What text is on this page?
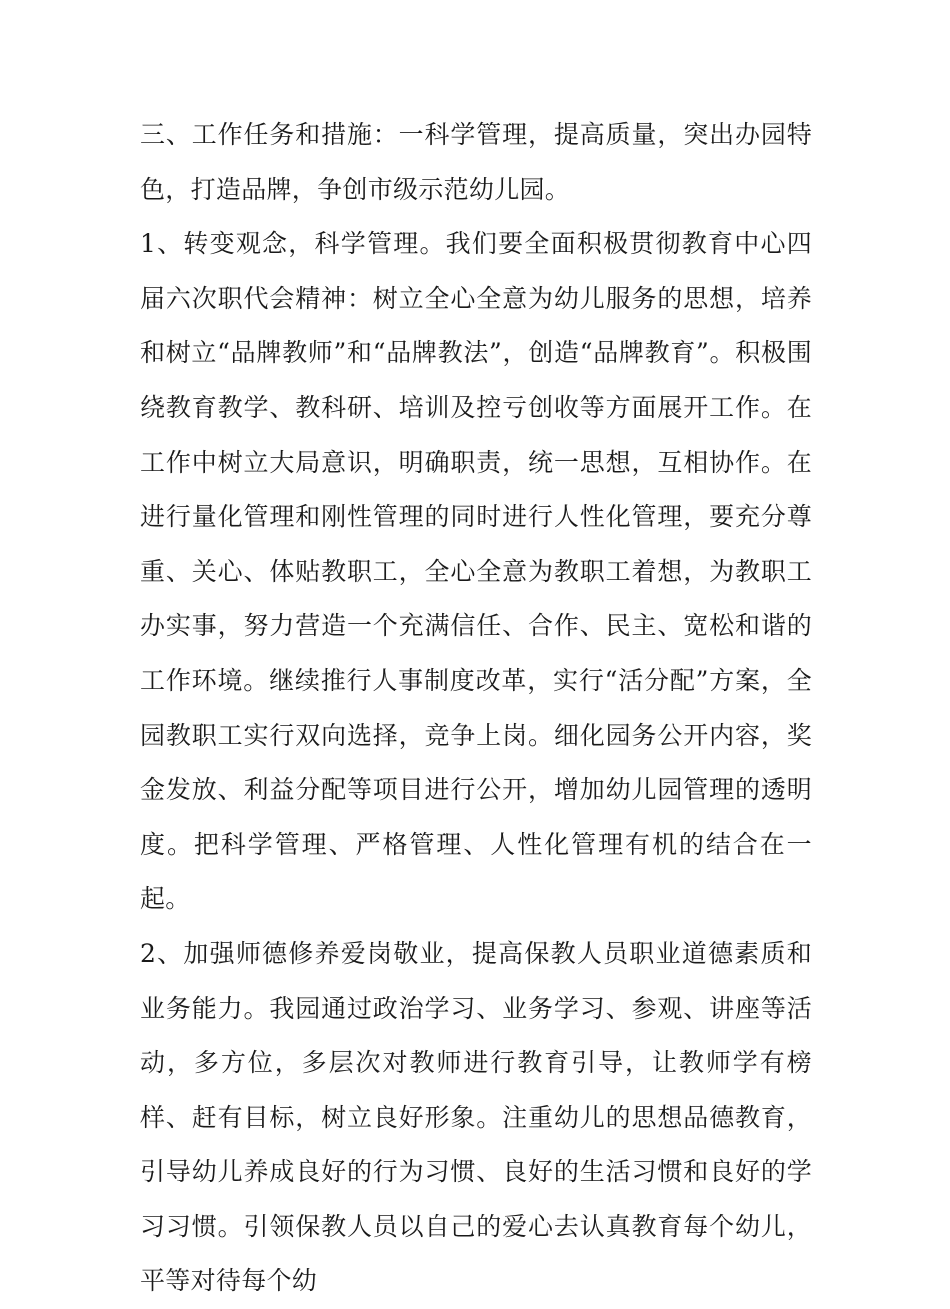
三、工作任务和措施：一科学管理，提高质量，突出办园特色，打造品牌，争创市级示范幼儿园。

1、转变观念，科学管理。我们要全面积极贯彻教育中心四届六次职代会精神：树立全心全意为幼儿服务的思想，培养和树立“品牌教师”和“品牌教法”，创造“品牌教育”。积极围绕教育教学、教科研、培训及控亏创收等方面展开工作。在工作中树立大局意识，明确职责，统一思想，互相协作。在进行量化管理和刚性管理的同时进行人性化管理，要充分尊重、关心、体贴教职工，全心全意为教职工着想，为教职工办实事，努力营造一个充满信任、合作、民主、宽松和谐的工作环境。继续推行人事制度改革，实行“活分配”方案，全园教职工实行双向选择，竞争上岗。细化园务公开内容，奖金发放、利益分配等项目进行公开，增加幼儿园管理的透明度。把科学管理、严格管理、人性化管理有机的结合在一起。

2、加强师德修养爱岗敬业，提高保教人员职业道德素质和业务能力。我园通过政治学习、业务学习、参观、讲座等活动，多方位，多层次对教师进行教育引导，让教师学有榜样、赶有目标，树立良好形象。注重幼儿的思想品德教育，引导幼儿养成良好的行为习惯、良好的生活习惯和良好的学习习惯。引领保教人员以自己的爱心去认真教育每个幼儿，平等对待每个幼
